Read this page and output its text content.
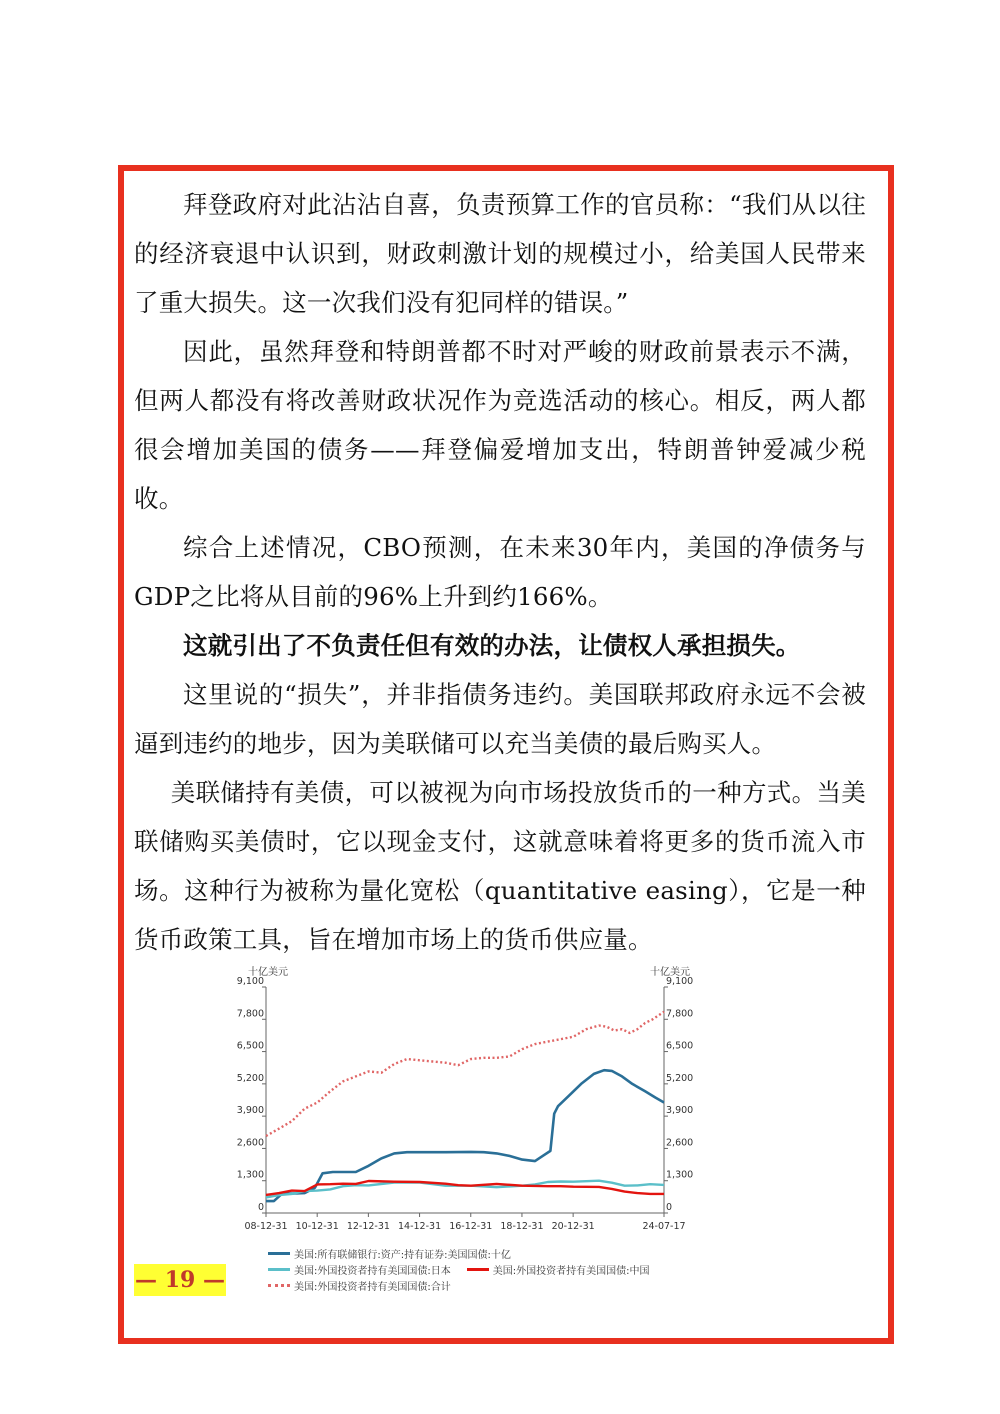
拜登政府对此沾沾自喜，负责预算工作的官员称：“我们从以往的经济衰退中认识到，财政刺激计划的规模过小，给美国人民带来了重大损失。这一次我们没有犯同样的错误。”

因此，虽然拜登和特朗普都不时对严峻的财政前景表示不满，但两人都没有将改善财政状况作为竞选活动的核心。相反，两人都很会增加美国的债务——拜登偏爱增加支出，特朗普钟爱减少税收。

综合上述情况，CBO预测，在未来30年内，美国的净债务与GDP之比将从目前的96%上升到约166%。

这就引出了不负责任但有效的办法，让债权人承担损失。

这里说的“损失”，并非指债务违约。美国联邦政府永远不会被逼到违约的地步，因为美联储可以充当美债的最后购买人。

美联储持有美债，可以被视为向市场投放货币的一种方式。当美联储购买美债时，它以现金支付，这就意味着将更多的货币流入市场。这种行为被称为量化宽松（quantitative easing），它是一种货币政策工具，旨在增加市场上的货币供应量。

十亿美元	十亿美元
0	0
1,300	1,300
2,600	2,600
3,900	3,900
5,200	5,200
6,500	6,500
7,800	7,800
9,100	9,100
08-12-31 10-12-31 12-12-31 14-12-31 16-12-31 18-12-31 20-12-31	24-07-17
美国:所有联储银行:资产:持有证券:美国国债:十亿
美国:外国投资者持有美国国债:日本	美国:外国投资者持有美国国债:中国
美国:外国投资者持有美国国债:合计
— 19 —
